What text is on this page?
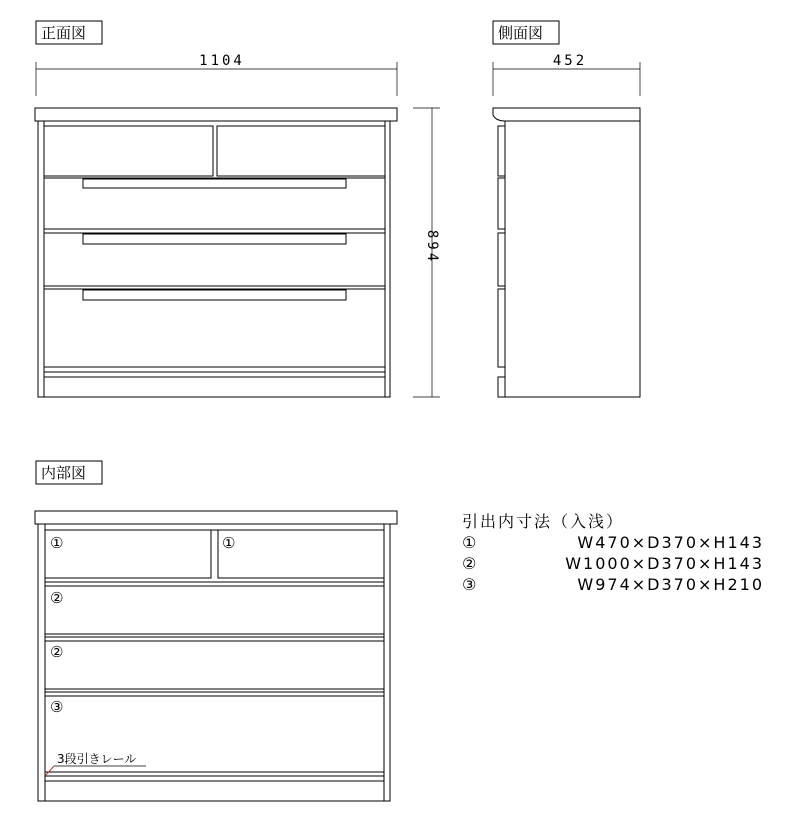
正面図
1104
894
側面図
452
内部図
①	①
②
②
③
3段引きレール
引出内寸法（入浅）
①	W470×D370×H143
②	W1000×D370×H143
③	W974×D370×H210
